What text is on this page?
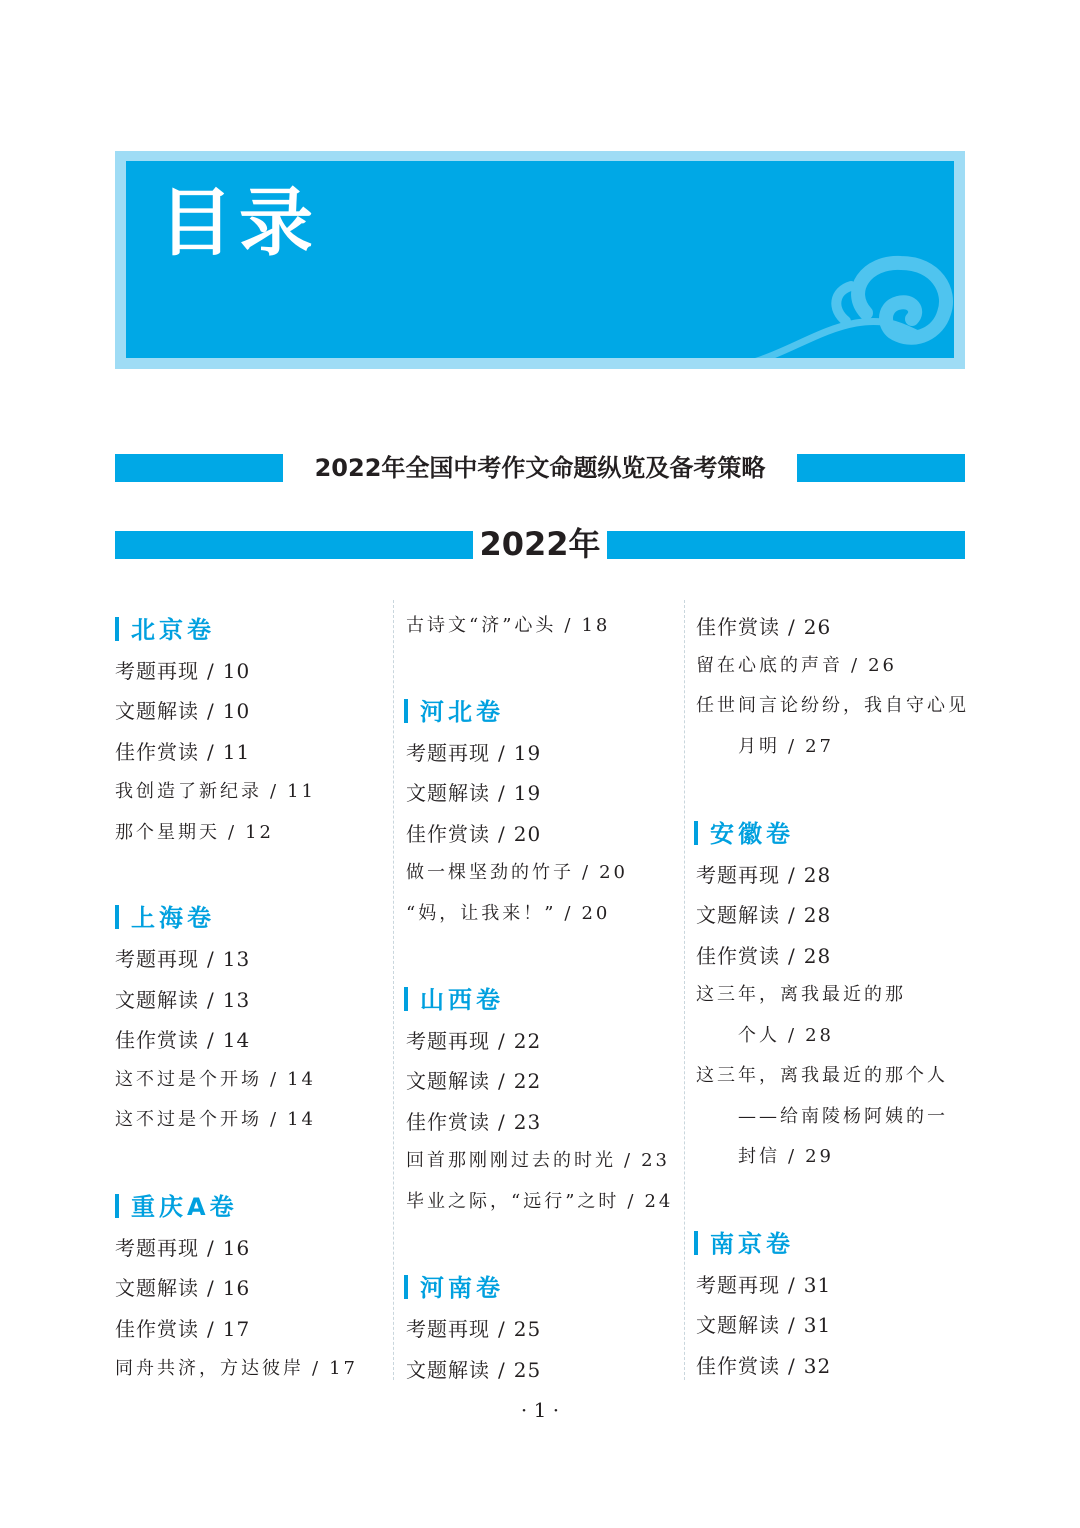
目录
2022年全国中考作文命题纵览及备考策略
2022年
北京卷
考题再现 / 10
文题解读 / 10
佳作赏读 / 11
我创造了新纪录 / 11
那个星期天 / 12
上海卷
考题再现 / 13
文题解读 / 13
佳作赏读 / 14
这不过是个开场 / 14
这不过是个开场 / 14
重庆A卷
考题再现 / 16
文题解读 / 16
佳作赏读 / 17
同舟共济，方达彼岸 / 17
古诗文“济”心头 / 18
河北卷
考题再现 / 19
文题解读 / 19
佳作赏读 / 20
做一棵坚劲的竹子 / 20
“妈，让我来！” / 20
山西卷
考题再现 / 22
文题解读 / 22
佳作赏读 / 23
回首那刚刚过去的时光 / 23
毕业之际，“远行”之时 / 24
河南卷
考题再现 / 25
文题解读 / 25
佳作赏读 / 26
留在心底的声音 / 26
任世间言论纷纷，我自守心见
月明 / 27
安徽卷
考题再现 / 28
文题解读 / 28
佳作赏读 / 28
这三年，离我最近的那
个人 / 28
这三年，离我最近的那个人
——给南陵杨阿姨的一
封信 / 29
南京卷
考题再现 / 31
文题解读 / 31
佳作赏读 / 32
· 1 ·
